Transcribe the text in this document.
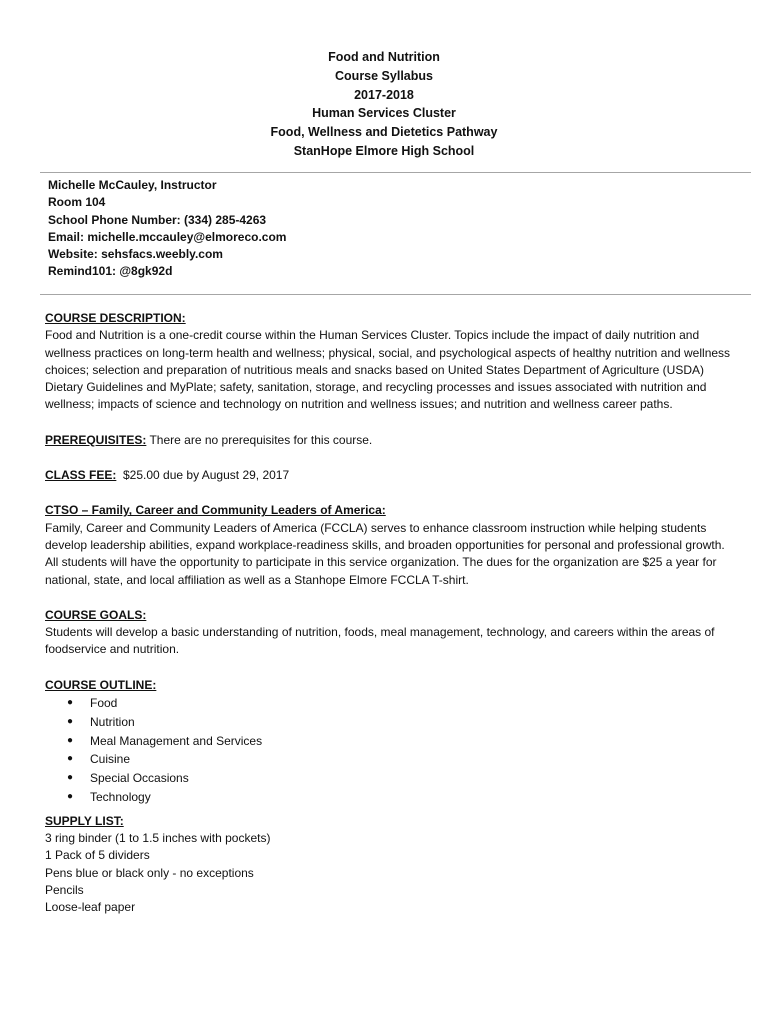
Food and Nutrition
Course Syllabus
2017-2018
Human Services Cluster
Food, Wellness and Dietetics Pathway
StanHope Elmore High School
Michelle McCauley, Instructor
Room 104
School Phone Number: (334) 285-4263
Email: michelle.mccauley@elmoreco.com
Website: sehsfacs.weebly.com
Remind101: @8gk92d

COURSE DESCRIPTION:

Food and Nutrition is a one-credit course within the Human Services Cluster. Topics include the impact of daily nutrition and wellness practices on long-term health and wellness; physical, social, and psychological aspects of healthy nutrition and wellness choices; selection and preparation of nutritious meals and snacks based on United States Department of Agriculture (USDA) Dietary Guidelines and MyPlate; safety, sanitation, storage, and recycling processes and issues associated with nutrition and wellness; impacts of science and technology on nutrition and wellness issues; and nutrition and wellness career paths.

PREREQUISITES: There are no prerequisites for this course.

CLASS FEE:  $25.00 due by August 29, 2017

CTSO – Family, Career and Community Leaders of America:

Family, Career and Community Leaders of America (FCCLA) serves to enhance classroom instruction while helping students develop leadership abilities, expand workplace-readiness skills, and broaden opportunities for personal and professional growth. All students will have the opportunity to participate in this service organization. The dues for the organization are $25 a year for national, state, and local affiliation as well as a Stanhope Elmore FCCLA T-shirt.

COURSE GOALS:

Students will develop a basic understanding of nutrition, foods, meal management, technology, and careers within the areas of foodservice and nutrition.

COURSE OUTLINE:

● Food
● Nutrition
● Meal Management and Services
● Cuisine
● Special Occasions
● Technology

SUPPLY LIST:

3 ring binder (1 to 1.5 inches with pockets)
1 Pack of 5 dividers
Pens blue or black only - no exceptions
Pencils
Loose-leaf paper
